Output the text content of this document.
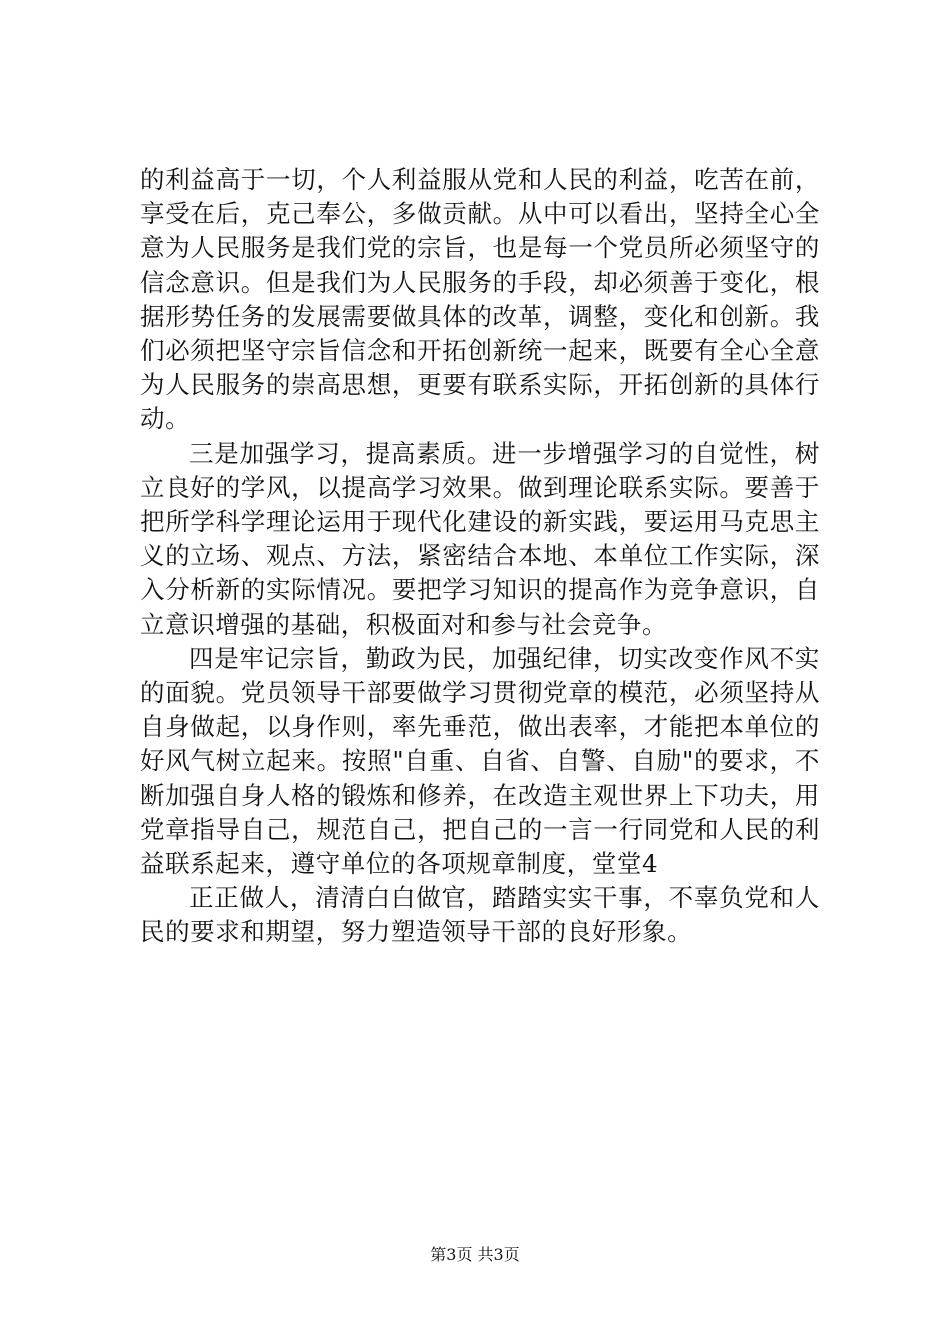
的利益高于一切，个人利益服从党和人民的利益，吃苦在前，享受在后，克己奉公，多做贡献。从中可以看出，坚持全心全意为人民服务是我们党的宗旨，也是每一个党员所必须坚守的信念意识。但是我们为人民服务的手段，却必须善于变化，根据形势任务的发展需要做具体的改革，调整，变化和创新。我们必须把坚守宗旨信念和开拓创新统一起来，既要有全心全意为人民服务的崇高思想，更要有联系实际，开拓创新的具体行动。

三是加强学习，提高素质。进一步增强学习的自觉性，树立良好的学风，以提高学习效果。做到理论联系实际。要善于把所学科学理论运用于现代化建设的新实践，要运用马克思主义的立场、观点、方法，紧密结合本地、本单位工作实际，深入分析新的实际情况。要把学习知识的提高作为竞争意识，自立意识增强的基础，积极面对和参与社会竞争。

四是牢记宗旨，勤政为民，加强纪律，切实改变作风不实的面貌。党员领导干部要做学习贯彻党章的模范，必须坚持从自身做起，以身作则，率先垂范，做出表率，才能把本单位的好风气树立起来。按照"自重、自省、自警、自励"的要求，不断加强自身人格的锻炼和修养，在改造主观世界上下功夫，用党章指导自己，规范自己，把自己的一言一行同党和人民的利益联系起来，遵守单位的各项规章制度，堂堂4

正正做人，清清白白做官，踏踏实实干事，不辜负党和人民的要求和期望，努力塑造领导干部的良好形象。

第3页 共3页
